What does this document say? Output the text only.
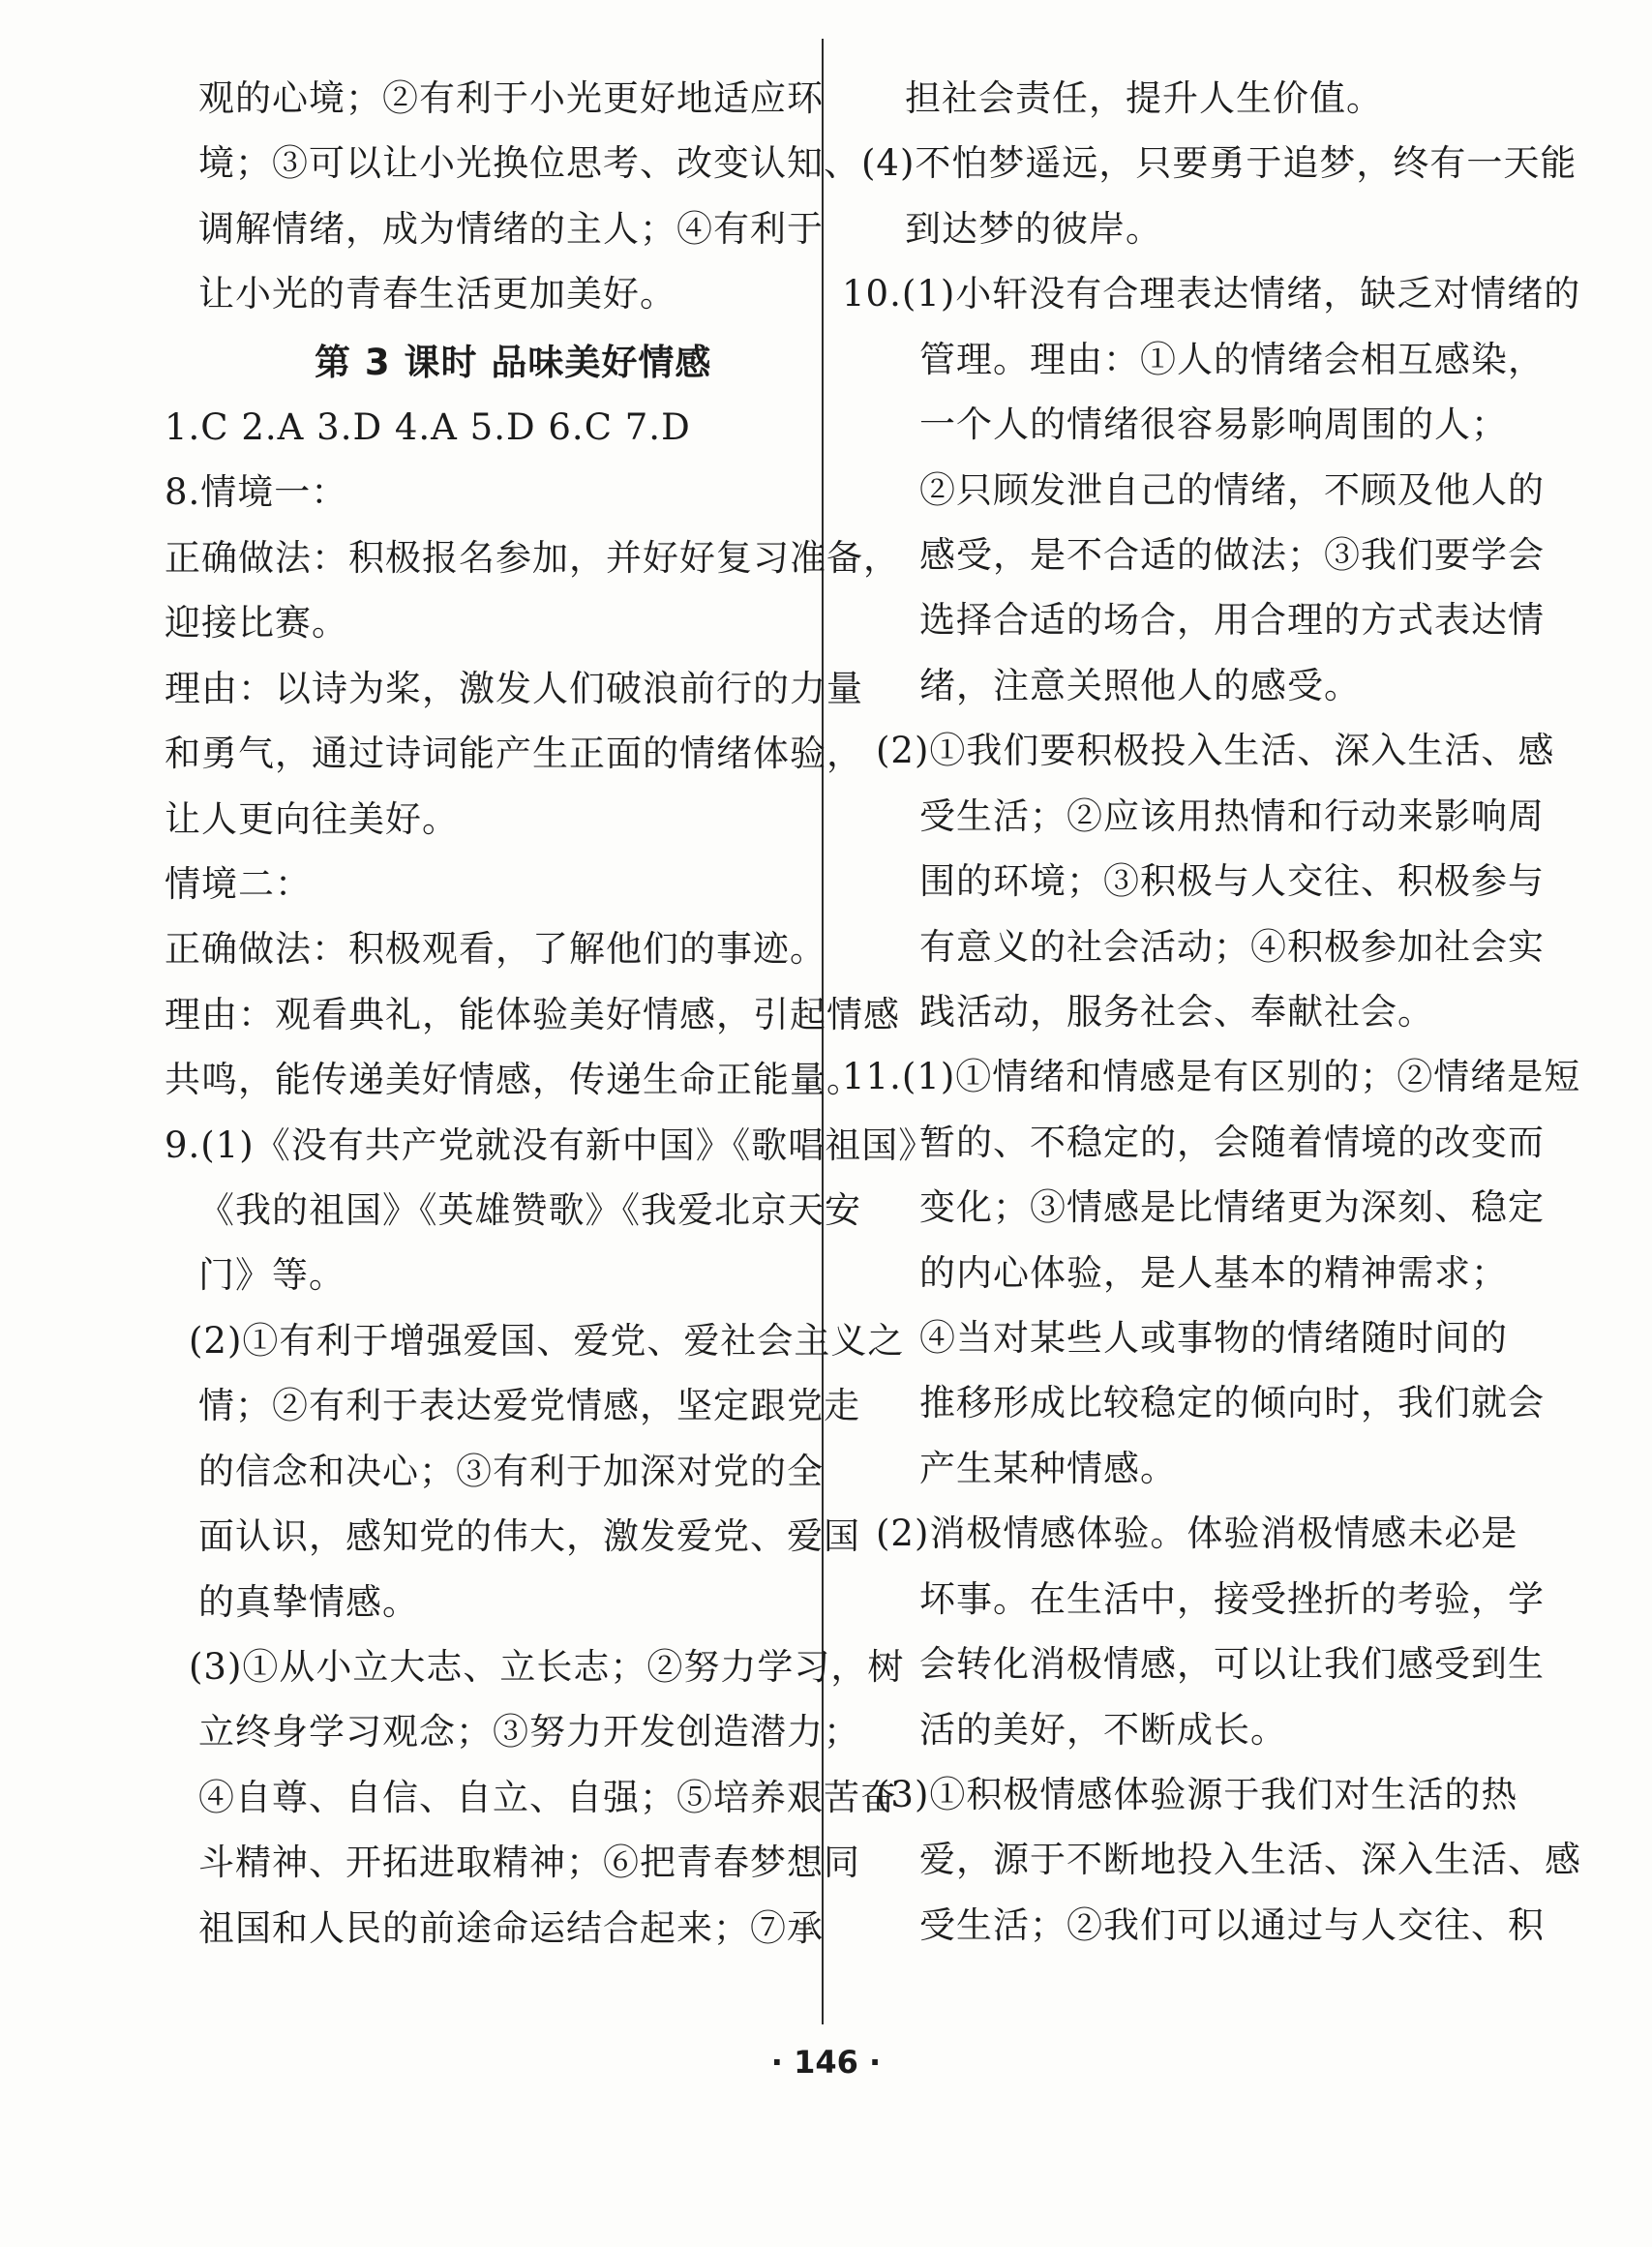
观的心境；②有利于小光更好地适应环
境；③可以让小光换位思考、改变认知、
调解情绪，成为情绪的主人；④有利于
让小光的青春生活更加美好。
第 3 课时 品味美好情感
1.C 2.A 3.D 4.A 5.D 6.C 7.D
8.情境一：
正确做法：积极报名参加，并好好复习准备，
迎接比赛。
理由：以诗为桨，激发人们破浪前行的力量
和勇气，通过诗词能产生正面的情绪体验，
让人更向往美好。
情境二：
正确做法：积极观看，了解他们的事迹。
理由：观看典礼，能体验美好情感，引起情感
共鸣，能传递美好情感，传递生命正能量。
9.(1)《没有共产党就没有新中国》《歌唱祖国》
《我的祖国》《英雄赞歌》《我爱北京天安
门》等。
(2)①有利于增强爱国、爱党、爱社会主义之
情；②有利于表达爱党情感，坚定跟党走
的信念和决心；③有利于加深对党的全
面认识，感知党的伟大，激发爱党、爱国
的真挚情感。
(3)①从小立大志、立长志；②努力学习，树
立终身学习观念；③努力开发创造潜力；
④自尊、自信、自立、自强；⑤培养艰苦奋
斗精神、开拓进取精神；⑥把青春梦想同
祖国和人民的前途命运结合起来；⑦承
担社会责任，提升人生价值。
(4)不怕梦遥远，只要勇于追梦，终有一天能
到达梦的彼岸。
10.(1)小轩没有合理表达情绪，缺乏对情绪的
管理。理由：①人的情绪会相互感染，
一个人的情绪很容易影响周围的人；
②只顾发泄自己的情绪，不顾及他人的
感受，是不合适的做法；③我们要学会
选择合适的场合，用合理的方式表达情
绪，注意关照他人的感受。
(2)①我们要积极投入生活、深入生活、感
受生活；②应该用热情和行动来影响周
围的环境；③积极与人交往、积极参与
有意义的社会活动；④积极参加社会实
践活动，服务社会、奉献社会。
11.(1)①情绪和情感是有区别的；②情绪是短
暂的、不稳定的，会随着情境的改变而
变化；③情感是比情绪更为深刻、稳定
的内心体验，是人基本的精神需求；
④当对某些人或事物的情绪随时间的
推移形成比较稳定的倾向时，我们就会
产生某种情感。
(2)消极情感体验。体验消极情感未必是
坏事。在生活中，接受挫折的考验，学
会转化消极情感，可以让我们感受到生
活的美好，不断成长。
(3)①积极情感体验源于我们对生活的热
爱，源于不断地投入生活、深入生活、感
受生活；②我们可以通过与人交往、积
· 146 ·
